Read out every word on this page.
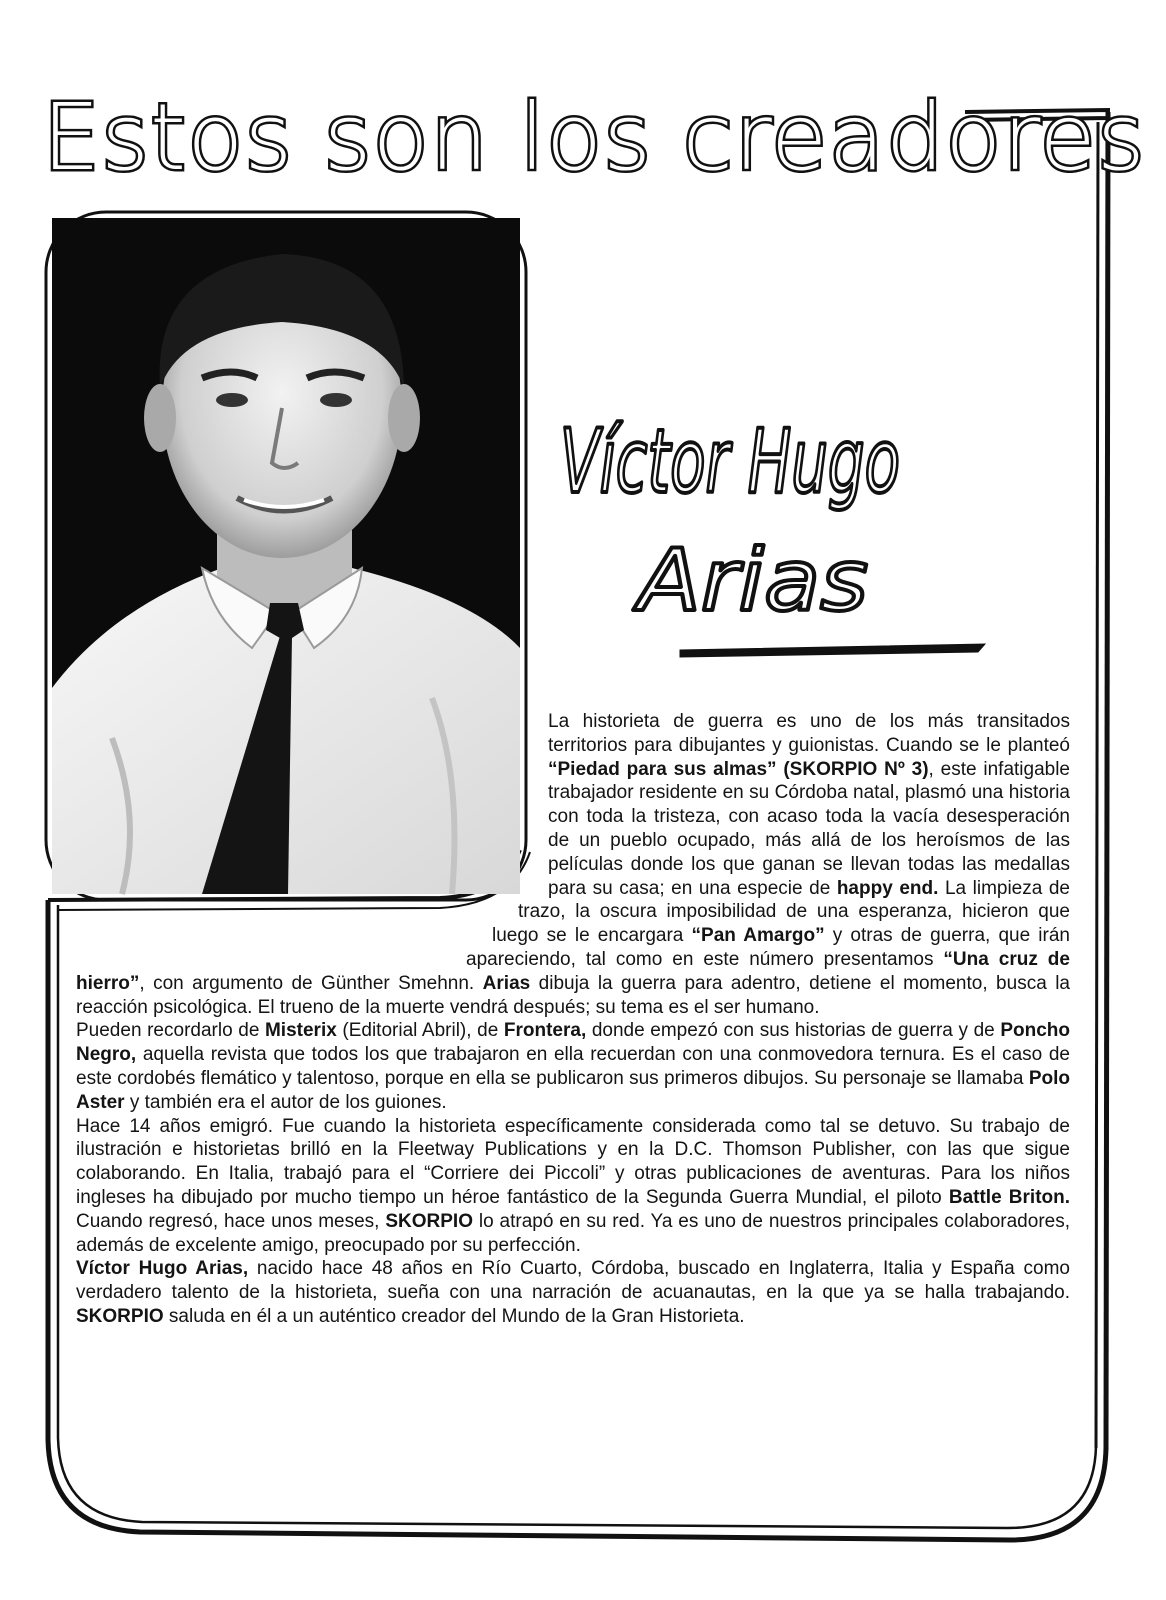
Estos son los creadores
Víctor Hugo
Arias

La historieta de guerra es uno de los más transitados territorios para dibujantes y guionistas. Cuando se le planteó “Piedad para sus almas” (SKORPIO Nº 3), este infatigable trabajador residente en su Córdoba natal, plasmó una historia con toda la tristeza, con acaso toda la vacía desesperación de un pueblo ocupado, más allá de los heroísmos de las películas donde los que ganan se llevan todas las medallas para su casa; en una especie de happy end. La limpieza de trazo, la oscura imposibilidad de una esperanza, hicieron que luego se le encargara “Pan Amargo” y otras de guerra, que irán apareciendo, tal como en este número presentamos “Una cruz de hierro”, con argumento de Günther Smehnn. Arias dibuja la guerra para adentro, detiene el momento, busca la reacción psicológica. El trueno de la muerte vendrá después; su tema es el ser humano.

Pueden recordarlo de Misterix (Editorial Abril), de Frontera, donde empezó con sus historias de guerra y de Poncho Negro, aquella revista que todos los que trabajaron en ella recuerdan con una conmovedora ternura. Es el caso de este cordobés flemático y talentoso, porque en ella se publicaron sus primeros dibujos. Su personaje se llamaba Polo Aster y también era el autor de los guiones.

Hace 14 años emigró. Fue cuando la historieta específicamente considerada como tal se detuvo. Su trabajo de ilustración e historietas brilló en la Fleetway Publications y en la D.C. Thomson Publisher, con las que sigue colaborando. En Italia, trabajó para el “Corriere dei Piccoli” y otras publicaciones de aventuras. Para los niños ingleses ha dibujado por mucho tiempo un héroe fantástico de la Segunda Guerra Mundial, el piloto Battle Briton. Cuando regresó, hace unos meses, SKORPIO lo atrapó en su red. Ya es uno de nuestros principales colaboradores, además de excelente amigo, preocupado por su perfección.

Víctor Hugo Arias, nacido hace 48 años en Río Cuarto, Córdoba, buscado en Inglaterra, Italia y España como verdadero talento de la historieta, sueña con una narración de acuanautas, en la que ya se halla trabajando. SKORPIO saluda en él a un auténtico creador del Mundo de la Gran Historieta.
